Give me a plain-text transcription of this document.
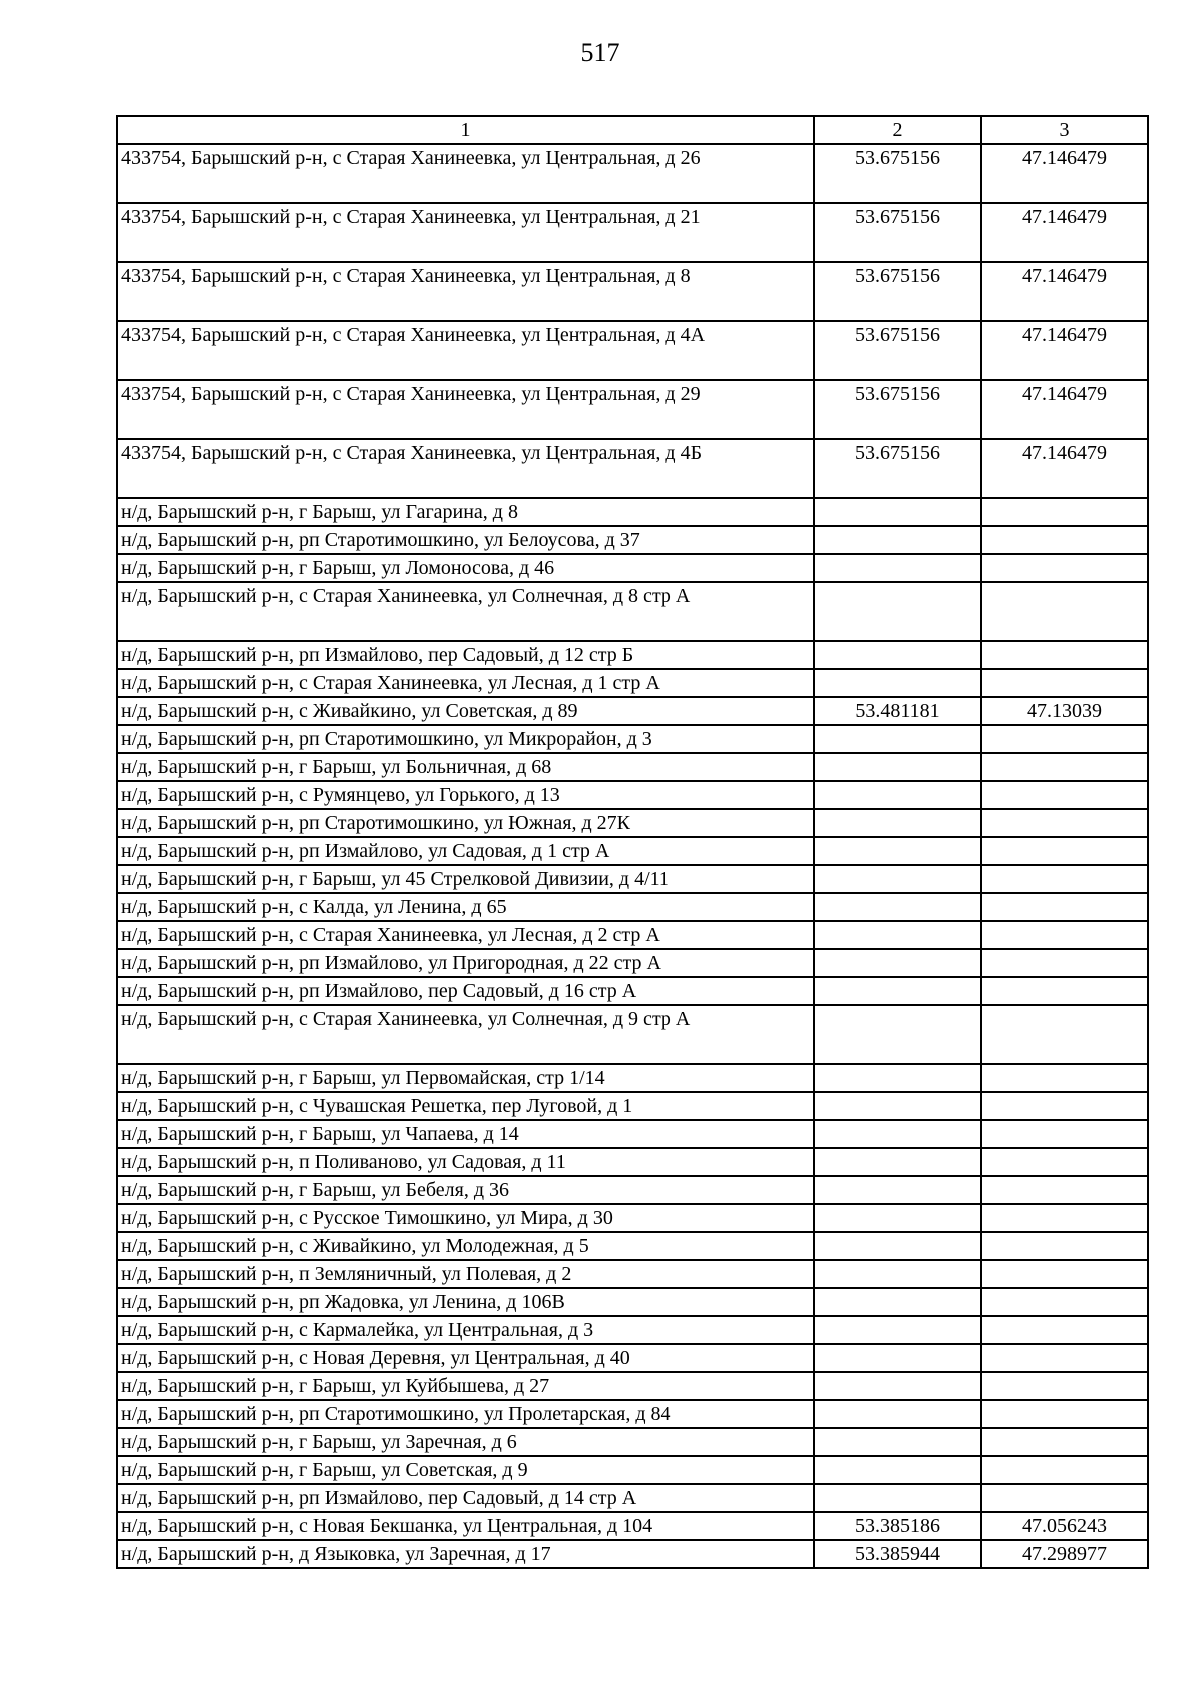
517
1	2	3
433754, Барышский р-н, с Старая Ханинеевка, ул Центральная, д 26	53.675156	47.146479
433754, Барышский р-н, с Старая Ханинеевка, ул Центральная, д 21	53.675156	47.146479
433754, Барышский р-н, с Старая Ханинеевка, ул Центральная, д 8	53.675156	47.146479
433754, Барышский р-н, с Старая Ханинеевка, ул Центральная, д 4А	53.675156	47.146479
433754, Барышский р-н, с Старая Ханинеевка, ул Центральная, д 29	53.675156	47.146479
433754, Барышский р-н, с Старая Ханинеевка, ул Центральная, д 4Б	53.675156	47.146479
н/д, Барышский р-н, г Барыш, ул Гагарина, д 8		
н/д, Барышский р-н, рп Старотимошкино, ул Белоусова, д 37		
н/д, Барышский р-н, г Барыш, ул Ломоносова, д 46		
н/д, Барышский р-н, с Старая Ханинеевка, ул Солнечная, д 8 стр А		
н/д, Барышский р-н, рп Измайлово, пер Садовый, д 12 стр Б		
н/д, Барышский р-н, с Старая Ханинеевка, ул Лесная, д 1 стр А		
н/д, Барышский р-н, с Живайкино, ул Советская, д 89	53.481181	47.13039
н/д, Барышский р-н, рп Старотимошкино, ул Микрорайон, д 3		
н/д, Барышский р-н, г Барыш, ул Больничная, д 68		
н/д, Барышский р-н, с Румянцево, ул Горького, д 13		
н/д, Барышский р-н, рп Старотимошкино, ул Южная, д 27К		
н/д, Барышский р-н, рп Измайлово, ул Садовая, д 1 стр А		
н/д, Барышский р-н, г Барыш, ул 45 Стрелковой Дивизии, д 4/11		
н/д, Барышский р-н, с Калда, ул Ленина, д 65		
н/д, Барышский р-н, с Старая Ханинеевка, ул Лесная, д 2 стр А		
н/д, Барышский р-н, рп Измайлово, ул Пригородная, д 22 стр А		
н/д, Барышский р-н, рп Измайлово, пер Садовый, д 16 стр А		
н/д, Барышский р-н, с Старая Ханинеевка, ул Солнечная, д 9 стр А		
н/д, Барышский р-н, г Барыш, ул Первомайская, стр 1/14		
н/д, Барышский р-н, с Чувашская Решетка, пер Луговой, д 1		
н/д, Барышский р-н, г Барыш, ул Чапаева, д 14		
н/д, Барышский р-н, п Поливаново, ул Садовая, д 11		
н/д, Барышский р-н, г Барыш, ул Бебеля, д 36		
н/д, Барышский р-н, с Русское Тимошкино, ул Мира, д 30		
н/д, Барышский р-н, с Живайкино, ул Молодежная, д 5		
н/д, Барышский р-н, п Земляничный, ул Полевая, д 2		
н/д, Барышский р-н, рп Жадовка, ул Ленина, д 106В		
н/д, Барышский р-н, с Кармалейка, ул Центральная, д 3		
н/д, Барышский р-н, с Новая Деревня, ул Центральная, д 40		
н/д, Барышский р-н, г Барыш, ул Куйбышева, д 27		
н/д, Барышский р-н, рп Старотимошкино, ул Пролетарская, д 84		
н/д, Барышский р-н, г Барыш, ул Заречная, д 6		
н/д, Барышский р-н, г Барыш, ул Советская, д 9		
н/д, Барышский р-н, рп Измайлово, пер Садовый, д 14 стр А		
н/д, Барышский р-н, с Новая Бекшанка, ул Центральная, д 104	53.385186	47.056243
н/д, Барышский р-н, д Языковка, ул Заречная, д 17	53.385944	47.298977
